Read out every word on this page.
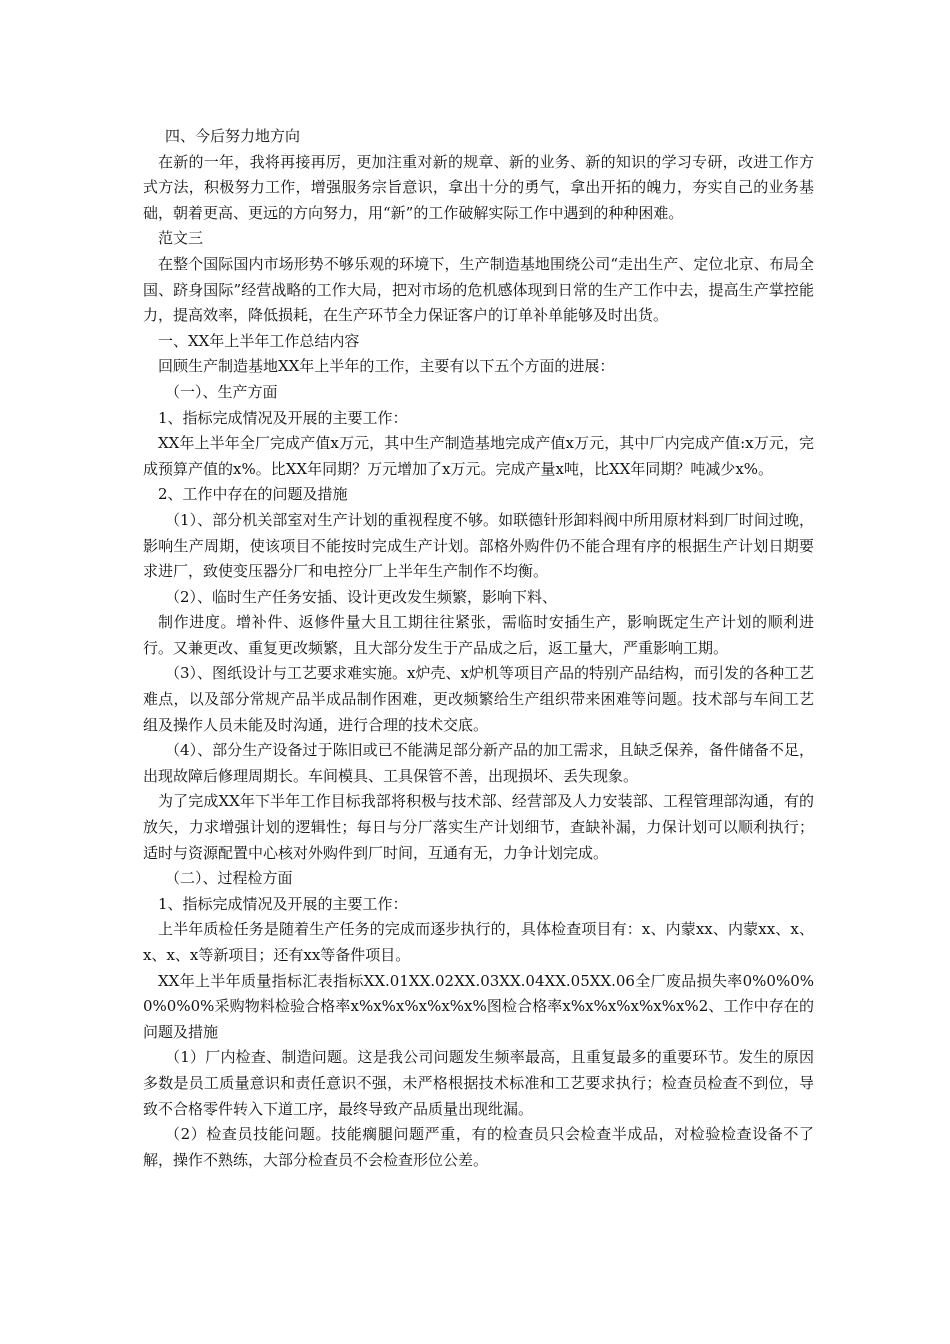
四、今后努力地方向

在新的一年，我将再接再厉，更加注重对新的规章、新的业务、新的知识的学习专研，改进工作方式方法，积极努力工作，增强服务宗旨意识，拿出十分的勇气，拿出开拓的魄力，夯实自己的业务基础，朝着更高、更远的方向努力，用“新”的工作破解实际工作中遇到的种种困难。

范文三

在整个国际国内市场形势不够乐观的环境下，生产制造基地围绕公司“走出生产、定位北京、布局全国、跻身国际”经营战略的工作大局，把对市场的危机感体现到日常的生产工作中去，提高生产掌控能力，提高效率，降低损耗，在生产环节全力保证客户的订单补单能够及时出货。

一、XX年上半年工作总结内容

回顾生产制造基地XX年上半年的工作，主要有以下五个方面的进展：

（一）、生产方面

1、指标完成情况及开展的主要工作：

XX年上半年全厂完成产值x万元，其中生产制造基地完成产值x万元，其中厂内完成产值:x万元，完成预算产值的x%。比XX年同期？万元增加了x万元。完成产量x吨，比XX年同期？吨减少x%。

2、工作中存在的问题及措施

（1）、部分机关部室对生产计划的重视程度不够。如联德针形卸料阀中所用原材料到厂时间过晚，影响生产周期，使该项目不能按时完成生产计划。部格外购件仍不能合理有序的根据生产计划日期要求进厂，致使变压器分厂和电控分厂上半年生产制作不均衡。

（2）、临时生产任务安插、设计更改发生频繁，影响下料、

制作进度。增补件、返修件量大且工期往往紧张，需临时安插生产，影响既定生产计划的顺利进行。又兼更改、重复更改频繁，且大部分发生于产品成之后，返工量大，严重影响工期。

（3）、图纸设计与工艺要求难实施。x炉壳、x炉机等项目产品的特别产品结构，而引发的各种工艺难点，以及部分常规产品半成品制作困难，更改频繁给生产组织带来困难等问题。技术部与车间工艺组及操作人员未能及时沟通，进行合理的技术交底。

（4）、部分生产设备过于陈旧或已不能满足部分新产品的加工需求，且缺乏保养，备件储备不足，出现故障后修理周期长。车间模具、工具保管不善，出现损坏、丢失现象。

为了完成XX年下半年工作目标我部将积极与技术部、经营部及人力安装部、工程管理部沟通，有的放矢，力求增强计划的逻辑性；每日与分厂落实生产计划细节，查缺补漏，力保计划可以顺利执行；适时与资源配置中心核对外购件到厂时间，互通有无，力争计划完成。

（二）、过程检方面

1、指标完成情况及开展的主要工作：

上半年质检任务是随着生产任务的完成而逐步执行的，具体检查项目有：x、内蒙xx、内蒙xx、x、x、x、x等新项目；还有xx等备件项目。

XX年上半年质量指标汇表指标XX.01XX.02XX.03XX.04XX.05XX.06全厂废品损失率0%0%0%0%0%0%采购物料检验合格率x%x%x%x%x%x%图检合格率x%x%x%x%x%x%2、工作中存在的问题及措施

（1）厂内检查、制造问题。这是我公司问题发生频率最高，且重复最多的重要环节。发生的原因多数是员工质量意识和责任意识不强，未严格根据技术标准和工艺要求执行；检查员检查不到位，导致不合格零件转入下道工序，最终导致产品质量出现纰漏。

（2）检查员技能问题。技能瘸腿问题严重，有的检查员只会检查半成品，对检验检查设备不了解，操作不熟练，大部分检查员不会检查形位公差。
